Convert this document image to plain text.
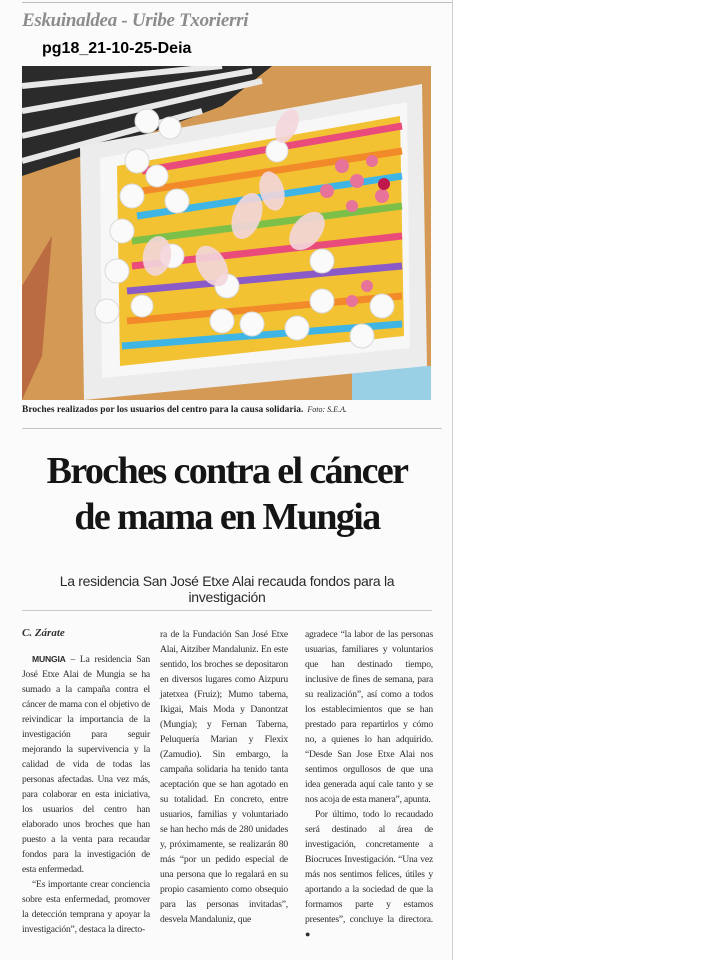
Eskuinaldea - Uribe Txorierri
pg18_21-10-25-Deia
Broches realizados por los usuarios del centro para la causa solidaria. Foto: S.E.A.
Broches contra el cáncer
de mama en Mungia
La residencia San José Etxe Alai recauda fondos para la investigación
C. Zárate
MUNGIA – La residencia San José Etxe Alai de Mungia se ha sumado a la campaña contra el cáncer de mama con el objetivo de reivindicar la importancia de la investigación para seguir mejorando la supervivencia y la calidad de vida de todas las personas afectadas. Una vez más, para colaborar en esta iniciativa, los usuarios del centro han elaborado unos broches que han puesto a la venta para recaudar fondos para la investigación de esta enfermedad.
“Es importante crear conciencia sobre esta enfermedad, promover la detección temprana y apoyar la investigación”, destaca la directo-
ra de la Fundación San José Etxe Alai, Aitziber Mandaluniz. En este sentido, los broches se depositaron en diversos lugares como Aizpuru jatetxea (Fruiz); Mumo taberna, Ikigai, Mais Moda y Danontzat (Mungia); y Fernan Taberna, Peluquería Marian y Flexix (Zamudio). Sin embargo, la campaña solidaria ha tenido tanta aceptación que se han agotado en su totalidad. En concreto, entre usuarios, familias y voluntariado se han hecho más de 280 unidades y, próximamente, se realizarán 80 más “por un pedido especial de una persona que lo regalará en su propio casamiento como obsequio para las personas invitadas”, desvela Mandaluniz, que
agradece “la labor de las personas usuarias, familiares y voluntarios que han destinado tiempo, inclusive de fines de semana, para su realización”, así como a todos los establecimientos que se han prestado para repartirlos y cómo no, a quienes lo han adquirido. “Desde San Jose Etxe Alai nos sentimos orgullosos de que una idea generada aquí cale tanto y se nos acoja de esta manera”, apunta.
Por último, todo lo recaudado será destinado al área de investigación, concretamente a Biocruces Investigación. “Una vez más nos sentimos felices, útiles y aportando a la sociedad de que la formamos parte y estamos presentes”, concluye la directora. ●
